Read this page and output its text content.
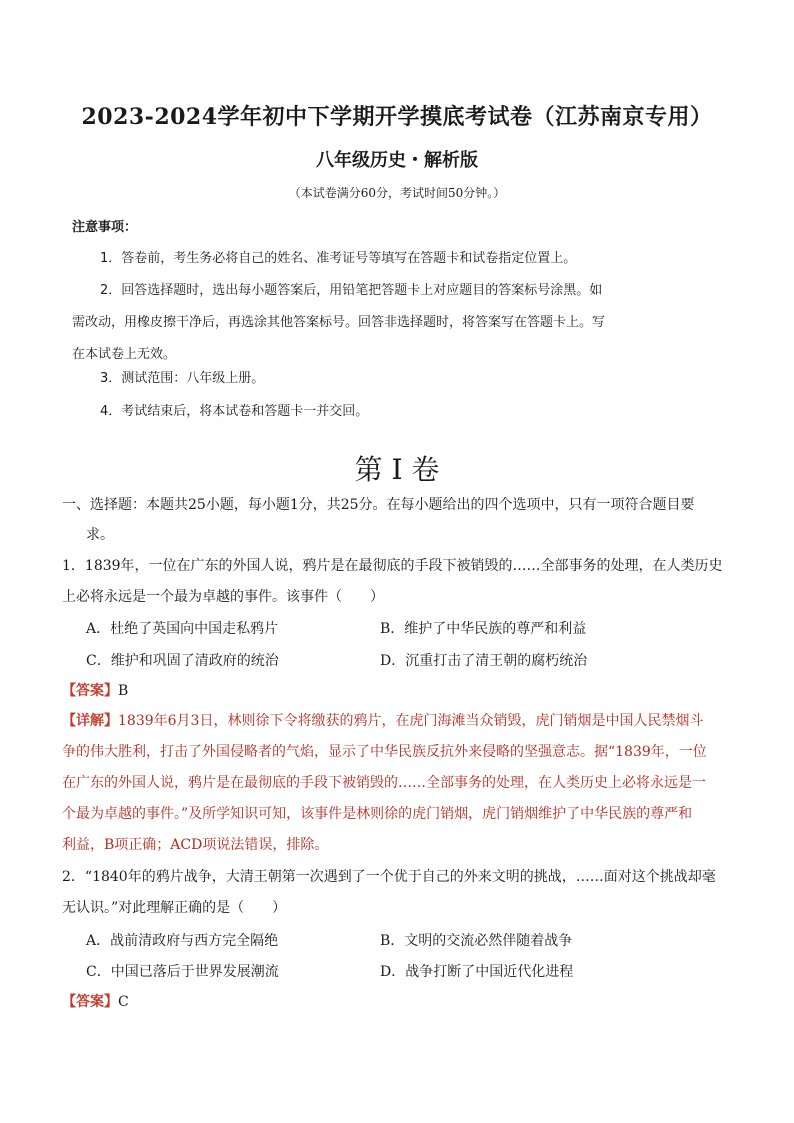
2023-2024学年初中下学期开学摸底考试卷（江苏南京专用）
八年级历史・解析版
（本试卷满分60分，考试时间50分钟。）
注意事项：
1．答卷前，考生务必将自己的姓名、准考证号等填写在答题卡和试卷指定位置上。
2．回答选择题时，选出每小题答案后，用铅笔把答题卡上对应题目的答案标号涂黑。如
需改动，用橡皮擦干净后，再选涂其他答案标号。回答非选择题时，将答案写在答题卡上。写
在本试卷上无效。
3．测试范围：八年级上册。
4．考试结束后，将本试卷和答题卡一并交回。
第 I 卷
一、选择题：本题共25小题，每小题1分，共25分。在每小题给出的四个选项中，只有一项符合题目要
求。
1．1839年，一位在广东的外国人说，鸦片是在最彻底的手段下被销毁的……全部事务的处理，在人类历史
上必将永远是一个最为卓越的事件。该事件（　　）
A．杜绝了英国向中国走私鸦片	B．维护了中华民族的尊严和利益
C．维护和巩固了清政府的统治	D．沉重打击了清王朝的腐朽统治
【答案】B
【详解】1839年6月3日，林则徐下令将缴获的鸦片，在虎门海滩当众销毁，虎门销烟是中国人民禁烟斗
争的伟大胜利，打击了外国侵略者的气焰，显示了中华民族反抗外来侵略的坚强意志。据“1839年，一位
在广东的外国人说，鸦片是在最彻底的手段下被销毁的……全部事务的处理，在人类历史上必将永远是一
个最为卓越的事件。”及所学知识可知，该事件是林则徐的虎门销烟，虎门销烟维护了中华民族的尊严和
利益，B项正确；ACD项说法错误，排除。
2．“1840年的鸦片战争，大清王朝第一次遇到了一个优于自己的外来文明的挑战，……面对这个挑战却毫
无认识。”对此理解正确的是（　　）
A．战前清政府与西方完全隔绝	B．文明的交流必然伴随着战争
C．中国已落后于世界发展潮流	D．战争打断了中国近代化进程
【答案】C
